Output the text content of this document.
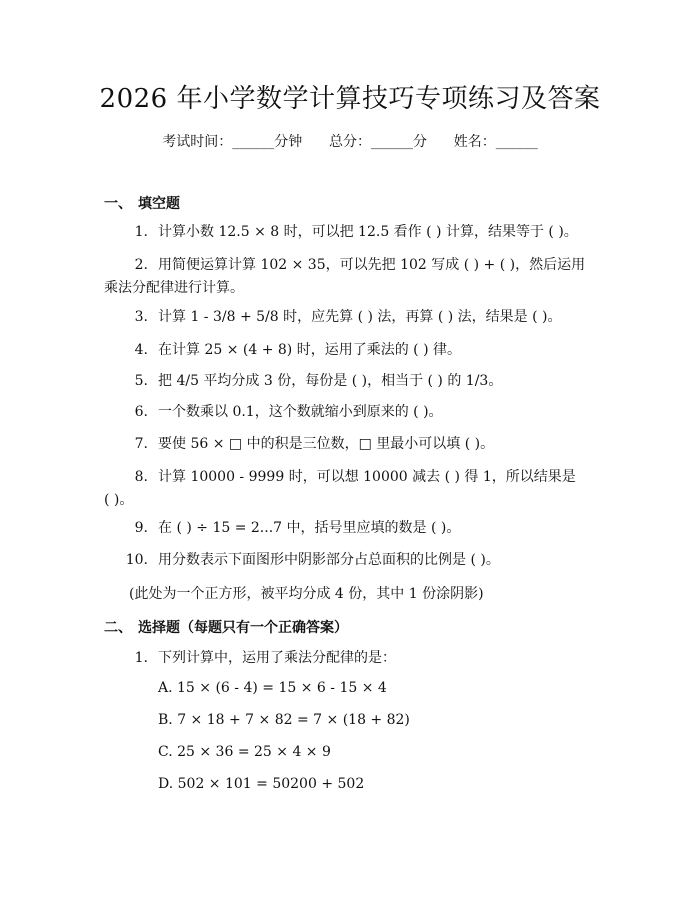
2026 年小学数学计算技巧专项练习及答案
考试时间：______分钟 总分：______分 姓名：______
一、 填空题
1. 计算小数 12.5 × 8 时，可以把 12.5 看作 ( ) 计算，结果等于 ( )。
2. 用简便运算计算 102 × 35，可以先把 102 写成 ( ) + ( )，然后运用
乘法分配律进行计算。
3. 计算 1 - 3/8 + 5/8 时，应先算 ( ) 法，再算 ( ) 法，结果是 ( )。
4. 在计算 25 × (4 + 8) 时，运用了乘法的 ( ) 律。
5. 把 4/5 平均分成 3 份，每份是 ( )，相当于 ( ) 的 1/3。
6. 一个数乘以 0.1，这个数就缩小到原来的 ( )。
7. 要使 56 × □ 中的积是三位数，□ 里最小可以填 ( )。
8. 计算 10000 - 9999 时，可以想 10000 减去 ( ) 得 1，所以结果是
( )。
9. 在 ( ) ÷ 15 = 2...7 中，括号里应填的数是 ( )。
10. 用分数表示下面图形中阴影部分占总面积的比例是 ( )。
(此处为一个正方形，被平均分成 4 份，其中 1 份涂阴影)
二、 选择题（每题只有一个正确答案）
1. 下列计算中，运用了乘法分配律的是：
A. 15 × (6 - 4) = 15 × 6 - 15 × 4
B. 7 × 18 + 7 × 82 = 7 × (18 + 82)
C. 25 × 36 = 25 × 4 × 9
D. 502 × 101 = 50200 + 502
